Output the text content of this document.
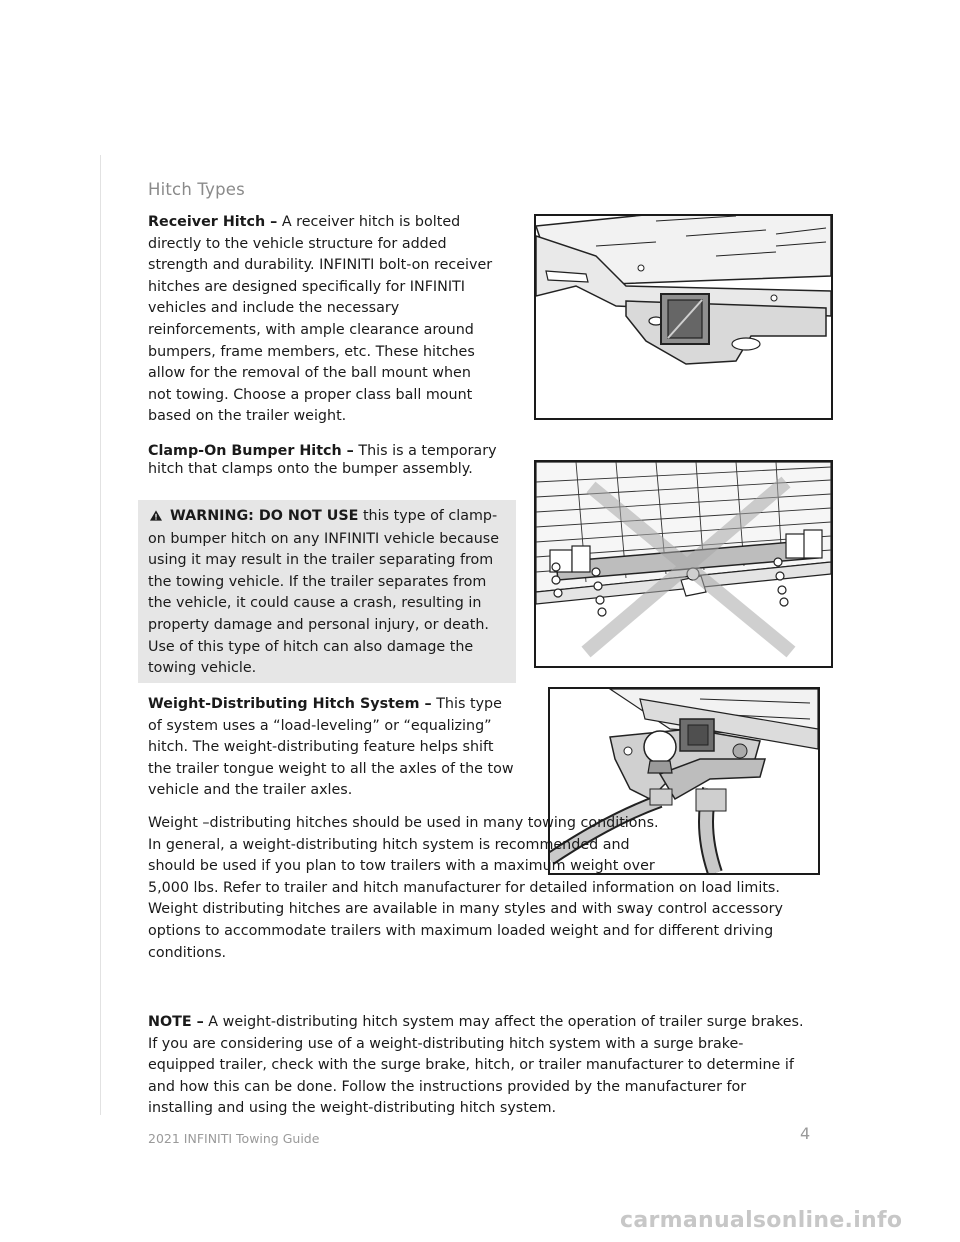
Hitch Types

Receiver Hitch – A receiver hitch is bolted directly to the vehicle structure for added strength and durability. INFINITI bolt-on receiver hitches are designed specifically for INFINITI vehicles and include the necessary reinforcements, with ample clearance around bumpers, frame members, etc. These hitches allow for the removal of the ball mount when not towing. Choose a proper class ball mount based on the trailer weight.

Clamp-On Bumper Hitch – This is a temporary hitch that clamps onto the bumper assembly.

WARNING: DO NOT USE this type of clamp-on bumper hitch on any INFINITI vehicle because using it may result in the trailer separating from the towing vehicle. If the trailer separates from the vehicle, it could cause a crash, resulting in property damage and personal injury, or death. Use of this type of hitch can also damage the towing vehicle.

Weight-Distributing Hitch System – This type of system uses a “load-leveling” or “equalizing” hitch. The weight-distributing feature helps shift the trailer tongue weight to all the axles of the tow vehicle and the trailer axles.

Weight –distributing hitches should be used in many towing conditions. In general, a weight-distributing hitch system is recommended and should be used if you plan to tow trailers with a maximum weight over 5,000 lbs. Refer to trailer and hitch manufacturer for detailed information on load limits. Weight distributing hitches are available in many styles and with sway control accessory options to accommodate trailers with maximum loaded weight and for different driving conditions.

NOTE – A weight-distributing hitch system may affect the operation of trailer surge brakes. If you are considering use of a weight-distributing hitch system with a surge brake-equipped trailer, check with the surge brake, hitch, or trailer manufacturer to determine if and how this can be done. Follow the instructions provided by the manufacturer for installing and using the weight-distributing hitch system.

2021 INFINITI Towing Guide	4
carmanualsonline.info
